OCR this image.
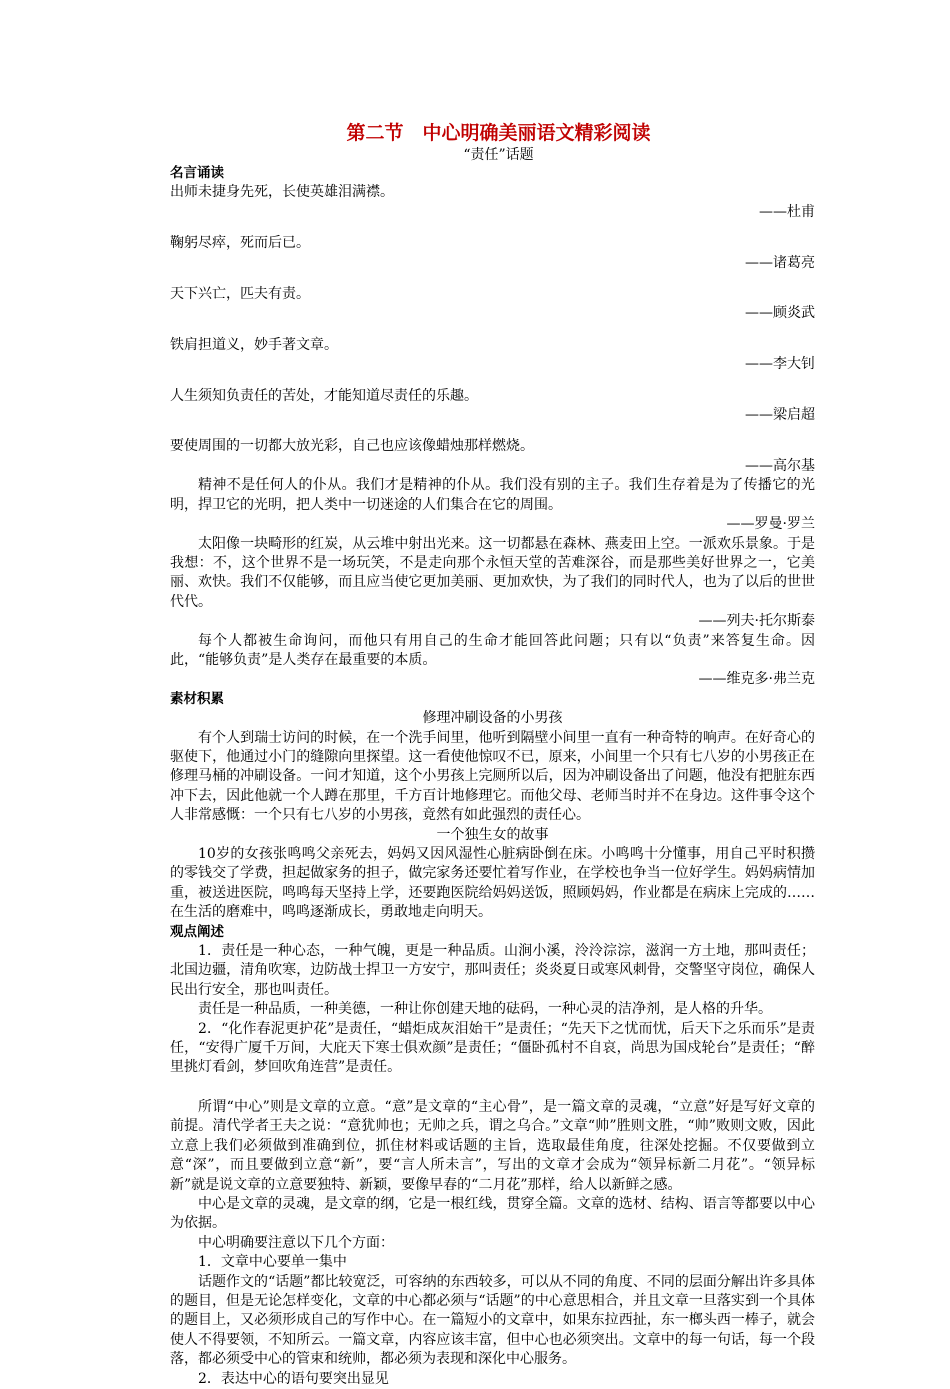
第二节　中心明确美丽语文精彩阅读

“责任”话题

名言诵读

出师未捷身先死，长使英雄泪满襟。

——杜甫

鞠躬尽瘁，死而后已。

——诸葛亮

天下兴亡，匹夫有责。

——顾炎武

铁肩担道义，妙手著文章。

——李大钊

人生须知负责任的苦处，才能知道尽责任的乐趣。

——梁启超

要使周围的一切都大放光彩，自己也应该像蜡烛那样燃烧。

——高尔基

精神不是任何人的仆从。我们才是精神的仆从。我们没有别的主子。我们生存着是为了传播它的光明，捍卫它的光明，把人类中一切迷途的人们集合在它的周围。

——罗曼·罗兰

太阳像一块畸形的红炭，从云堆中射出光来。这一切都悬在森林、燕麦田上空。一派欢乐景象。于是我想：不，这个世界不是一场玩笑，不是走向那个永恒天堂的苦难深谷，而是那些美好世界之一，它美丽、欢快。我们不仅能够，而且应当使它更加美丽、更加欢快，为了我们的同时代人，也为了以后的世世代代。

——列夫·托尔斯泰

每个人都被生命询问，而他只有用自己的生命才能回答此问题；只有以“负责”来答复生命。因此，“能够负责”是人类存在最重要的本质。

——维克多·弗兰克

素材积累

修理冲刷设备的小男孩

有个人到瑞士访问的时候，在一个洗手间里，他听到隔壁小间里一直有一种奇特的响声。在好奇心的驱使下，他通过小门的缝隙向里探望。这一看使他惊叹不已，原来，小间里一个只有七八岁的小男孩正在修理马桶的冲刷设备。一问才知道，这个小男孩上完厕所以后，因为冲刷设备出了问题，他没有把脏东西冲下去，因此他就一个人蹲在那里，千方百计地修理它。而他父母、老师当时并不在身边。这件事令这个人非常感慨：一个只有七八岁的小男孩，竟然有如此强烈的责任心。

一个独生女的故事

10岁的女孩张鸣鸣父亲死去，妈妈又因风湿性心脏病卧倒在床。小鸣鸣十分懂事，用自己平时积攒的零钱交了学费，担起做家务的担子，做完家务还要忙着写作业，在学校也争当一位好学生。妈妈病情加重，被送进医院，鸣鸣每天坚持上学，还要跑医院给妈妈送饭，照顾妈妈，作业都是在病床上完成的……在生活的磨难中，鸣鸣逐渐成长，勇敢地走向明天。

观点阐述

1．责任是一种心态，一种气魄，更是一种品质。山涧小溪，泠泠淙淙，滋润一方土地，那叫责任；北国边疆，清角吹寒，边防战士捍卫一方安宁，那叫责任；炎炎夏日或寒风刺骨，交警坚守岗位，确保人民出行安全，那也叫责任。

责任是一种品质，一种美德，一种让你创建天地的砝码，一种心灵的洁净剂，是人格的升华。

2．“化作春泥更护花”是责任，“蜡炬成灰泪始干”是责任；“先天下之忧而忧，后天下之乐而乐”是责任，“安得广厦千万间，大庇天下寒士俱欢颜”是责任；“僵卧孤村不自哀，尚思为国戍轮台”是责任；“醉里挑灯看剑，梦回吹角连营”是责任。

所谓“中心”则是文章的立意。“意”是文章的“主心骨”，是一篇文章的灵魂，“立意”好是写好文章的前提。清代学者王夫之说：“意犹帅也；无帅之兵，谓之乌合。”文章“帅”胜则文胜，“帅”败则文败，因此立意上我们必须做到准确到位，抓住材料或话题的主旨，选取最佳角度，往深处挖掘。不仅要做到立意“深”，而且要做到立意“新”，要“言人所未言”，写出的文章才会成为“领异标新二月花”。“领异标新”就是说文章的立意要独特、新颖，要像早春的“二月花”那样，给人以新鲜之感。

中心是文章的灵魂，是文章的纲，它是一根红线，贯穿全篇。文章的选材、结构、语言等都要以中心为依据。

中心明确要注意以下几个方面：

1．文章中心要单一集中

话题作文的“话题”都比较宽泛，可容纳的东西较多，可以从不同的角度、不同的层面分解出许多具体的题目，但是无论怎样变化，文章的中心都必须与“话题”的中心意思相合，并且文章一旦落实到一个具体的题目上，又必须形成自己的写作中心。在一篇短小的文章中，如果东拉西扯，东一榔头西一棒子，就会使人不得要领，不知所云。一篇文章，内容应该丰富，但中心也必须突出。文章中的每一句话，每一个段落，都必须受中心的管束和统帅，都必须为表现和深化中心服务。

2．表达中心的语句要突出显见
